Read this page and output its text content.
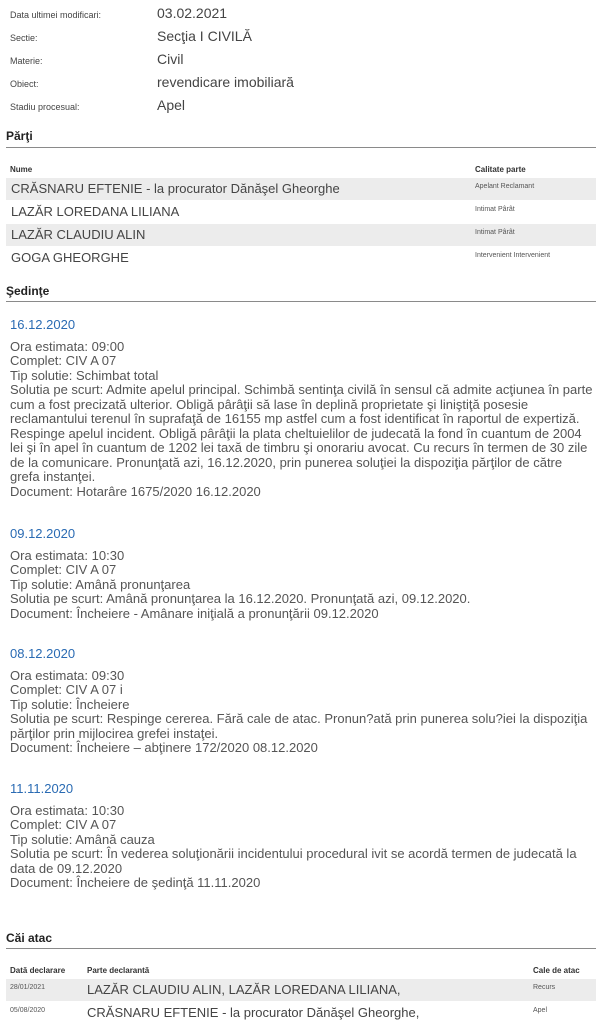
Data ultimei modificari:	03.02.2021
Sectie:	Secţia I CIVILĂ
Materie:	Civil
Obiect:	revendicare imobiliară
Stadiu procesual:	Apel
Părţi
Nume	Calitate parte
CRĂSNARU EFTENIE - la procurator Dănăşel Gheorghe	Apelant Reclamant
LAZĂR LOREDANA LILIANA	Intimat Pârât
LAZĂR CLAUDIU ALIN	Intimat Pârât
GOGA GHEORGHE	Intervenient Intervenient
Şedinţe
16.12.2020
Ora estimata: 09:00
Complet: CIV A 07
Tip solutie: Schimbat total
Solutia pe scurt: Admite apelul principal. Schimbă sentinţa civilă în sensul că admite acţiunea în parte cum a fost precizată ulterior. Obligă pârâţii să lase în deplină proprietate şi liniştiţă posesie reclamantului terenul în suprafaţă de 16155 mp astfel cum a fost identificat în raportul de expertiză. Respinge apelul incident. Obligă pârâţii la plata cheltuielilor de judecată la fond în cuantum de 2004 lei şi în apel în cuantum de 1202 lei taxă de timbru şi onorariu avocat. Cu recurs în termen de 30 zile de la comunicare. Pronunţată azi, 16.12.2020, prin punerea soluţiei la dispoziţia părţilor de către grefa instanţei.
Document: Hotarâre 1675/2020 16.12.2020
09.12.2020
Ora estimata: 10:30
Complet: CIV A 07
Tip solutie: Amână pronunţarea
Solutia pe scurt: Amână pronunţarea la 16.12.2020. Pronunţată azi, 09.12.2020.
Document: Încheiere - Amânare iniţială a pronunţării 09.12.2020
08.12.2020
Ora estimata: 09:30
Complet: CIV A 07 i
Tip solutie: Încheiere
Solutia pe scurt: Respinge cererea. Fără cale de atac. Pronun?ată prin punerea solu?iei la dispoziţia părţilor prin mijlocirea grefei instaţei.
Document: Încheiere – abţinere 172/2020 08.12.2020
11.11.2020
Ora estimata: 10:30
Complet: CIV A 07
Tip solutie: Amână cauza
Solutia pe scurt: În vederea soluţionării incidentului procedural ivit se acordă termen de judecată la data de 09.12.2020
Document: Încheiere de şedinţă 11.11.2020
Căi atac
Dată declarare	Parte declarantă	Cale de atac
28/01/2021	LAZĂR CLAUDIU ALIN, LAZĂR LOREDANA LILIANA,	Recurs
05/08/2020	CRĂSNARU EFTENIE - la procurator Dănăşel Gheorghe,	Apel
